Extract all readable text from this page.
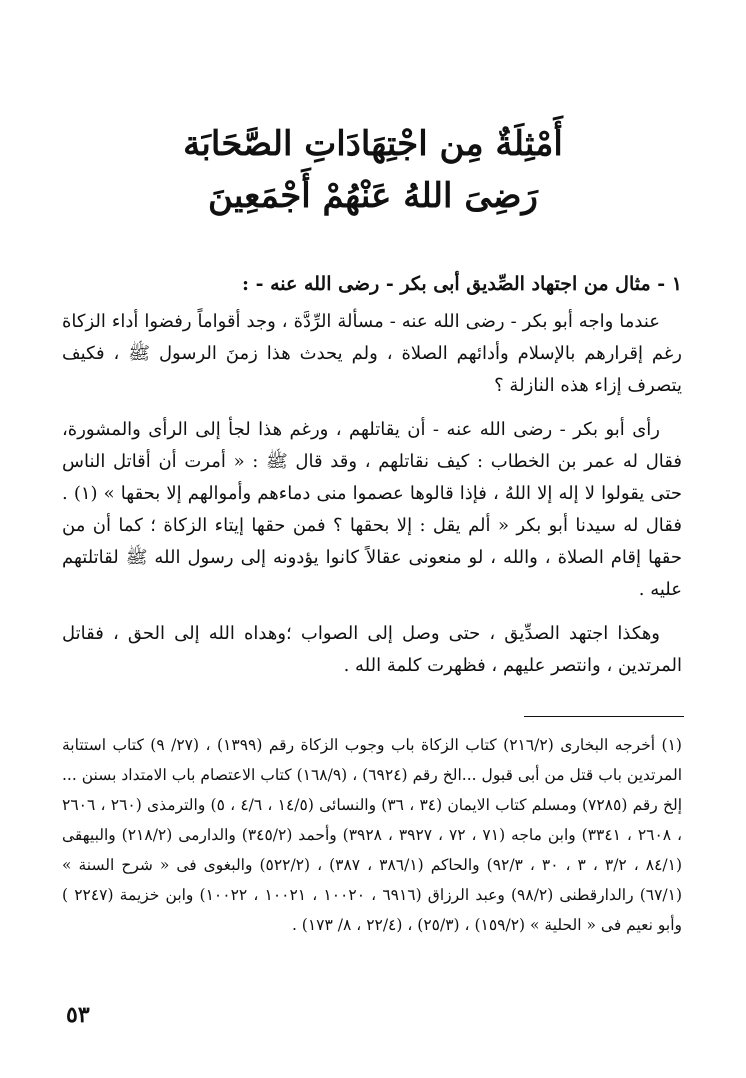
أَمْثِلَةٌ مِن اجْتِهَادَاتِ الصَّحَابَة
رَضِىَ اللهُ عَنْهُمْ أَجْمَعِينَ

١ - مثال من اجتهاد الصِّديق أبى بكر - رضى الله عنه - :

عندما واجه أبو بكر - رضى الله عنه - مسألة الرِّدَّة ، وجد أقواماً رفضوا أداء الزكاة رغم إقرارهم بالإسلام وأدائهم الصلاة ، ولم يحدث هذا زمنَ الرسول ﷺ ، فكيف يتصرف إزاء هذه النازلة ؟

رأى أبو بكر - رضى الله عنه - أن يقاتلهم ، ورغم هذا لجأ إلى الرأى والمشورة، فقال له عمر بن الخطاب : كيف نقاتلهم ، وقد قال ﷺ : « أمرت أن أقاتل الناس حتى يقولوا لا إله إلا اللهُ ، فإذا قالوها عصموا منى دماءهم وأموالهم إلا بحقها » (١) . فقال له سيدنا أبو بكر « ألم يقل : إلا بحقها ؟ فمن حقها إيتاء الزكاة ؛ كما أن من حقها إقام الصلاة ، والله ، لو منعونى عقالاً كانوا يؤدونه إلى رسول الله ﷺ لقاتلتهم عليه .

وهكذا اجتهد الصدِّيق ، حتى وصل إلى الصواب ؛وهداه الله إلى الحق ، فقاتل المرتدين ، وانتصر عليهم ، فظهرت كلمة الله .

(١) أخرجه البخارى (٢١٦/٢) كتاب الزكاة باب وجوب الزكاة رقم (١٣٩٩) ، (٢٧/ ٩) كتاب استتابة المرتدين باب قتل من أبى قبول ...الخ رقم (٦٩٢٤) ، (١٦٨/٩) كتاب الاعتصام باب الامتداد بسنن ... إلخ رقم (٧٢٨٥) ومسلم كتاب الايمان (٣٤ ، ٣٦) والنسائى (١٤/٥ ، ٤/٦ ، ٥) والترمذى (٢٦٠ ، ٢٦٠٦ ، ٢٦٠٨ ، ٣٣٤١) وابن ماجه (٧١ ، ٧٢ ، ٣٩٢٧ ، ٣٩٢٨) وأحمد (٣٤٥/٢) والدارمى (٢١٨/٢) والبيهقى (٨٤/١ ، ٣/٢ ، ٣ ، ٣٠ ، ٩٢/٣) والحاكم (٣٨٦/١ ، ٣٨٧) ، (٥٢٢/٢) والبغوى فى « شرح السنة » (٦٧/١) رالدارقطنى (٩٨/٢) وعبد الرزاق (٦٩١٦ ، ١٠٠٢٠ ، ١٠٠٢١ ، ١٠٠٢٢) وابن خزيمة (٢٢٤٧ ) وأبو نعيم فى « الحلية » (١٥٩/٢) ، (٢٥/٣) ، (٢٢/٤ ، ٨/ ١٧٣) .

٥٣
